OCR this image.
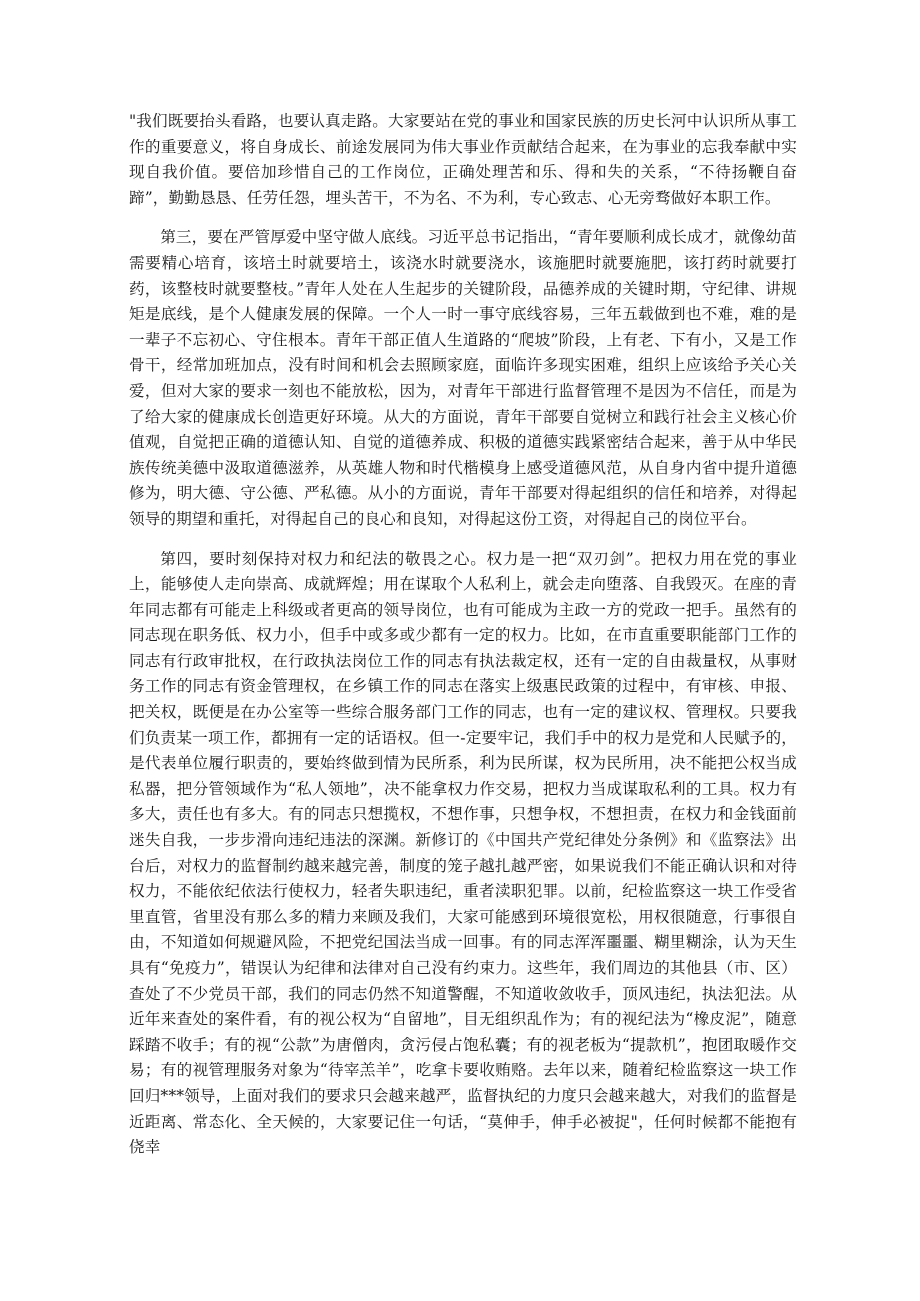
"我们既要抬头看路，也要认真走路。大家要站在党的事业和国家民族的历史长河中认识所从事工作的重要意义，将自身成长、前途发展同为伟大事业作贡献结合起来，在为事业的忘我奉献中实现自我价值。要倍加珍惜自己的工作岗位，正确处理苦和乐、得和失的关系，“不待扬鞭自奋蹄”，勤勤恳恳、任劳任怨，埋头苦干，不为名、不为利，专心致志、心无旁骛做好本职工作。

第三，要在严管厚爱中坚守做人底线。习近平总书记指出，“青年要顺利成长成才，就像幼苗需要精心培育，该培土时就要培土，该浇水时就要浇水，该施肥时就要施肥，该打药时就要打药，该整枝时就要整枝。”青年人处在人生起步的关键阶段，品德养成的关键时期，守纪律、讲规矩是底线，是个人健康发展的保障。一个人一时一事守底线容易，三年五载做到也不难，难的是一辈子不忘初心、守住根本。青年干部正值人生道路的“爬坡”阶段，上有老、下有小，又是工作骨干，经常加班加点，没有时间和机会去照顾家庭，面临许多现实困难，组织上应该给予关心关爱，但对大家的要求一刻也不能放松，因为，对青年干部进行监督管理不是因为不信任，而是为了给大家的健康成长创造更好环境。从大的方面说，青年干部要自觉树立和践行社会主义核心价值观，自觉把正确的道德认知、自觉的道德养成、积极的道德实践紧密结合起来，善于从中华民族传统美德中汲取道德滋养，从英雄人物和时代楷模身上感受道德风范，从自身内省中提升道德修为，明大德、守公德、严私德。从小的方面说，青年干部要对得起组织的信任和培养，对得起领导的期望和重托，对得起自己的良心和良知，对得起这份工资，对得起自己的岗位平台。

第四，要时刻保持对权力和纪法的敬畏之心。权力是一把“双刃剑”。把权力用在党的事业上，能够使人走向崇高、成就辉煌；用在谋取个人私利上，就会走向堕落、自我毁灭。在座的青年同志都有可能走上科级或者更高的领导岗位，也有可能成为主政一方的党政一把手。虽然有的同志现在职务低、权力小，但手中或多或少都有一定的权力。比如，在市直重要职能部门工作的同志有行政审批权，在行政执法岗位工作的同志有执法裁定权，还有一定的自由裁量权，从事财务工作的同志有资金管理权，在乡镇工作的同志在落实上级惠民政策的过程中，有审核、申报、把关权，既便是在办公室等一些综合服务部门工作的同志，也有一定的建议权、管理权。只要我们负责某一项工作，都拥有一定的话语权。但一-定要牢记，我们手中的权力是党和人民赋予的，是代表单位履行职责的，要始终做到情为民所系，利为民所谋，权为民所用，决不能把公权当成私器，把分管领域作为“私人领地”，决不能拿权力作交易，把权力当成谋取私利的工具。权力有多大，责任也有多大。有的同志只想揽权，不想作事，只想争权，不想担责，在权力和金钱面前迷失自我，一步步滑向违纪违法的深渊。新修订的《中国共产党纪律处分条例》和《监察法》出台后，对权力的监督制约越来越完善，制度的笼子越扎越严密，如果说我们不能正确认识和对待权力，不能依纪依法行使权力，轻者失职违纪，重者渎职犯罪。以前，纪检监察这一块工作受省里直管，省里没有那么多的精力来顾及我们，大家可能感到环境很宽松，用权很随意，行事很自由，不知道如何规避风险，不把党纪国法当成一回事。有的同志浑浑噩噩、糊里糊涂，认为天生具有“免疫力”，错误认为纪律和法律对自己没有约束力。这些年，我们周边的其他县（市、区）查处了不少党员干部，我们的同志仍然不知道警醒，不知道收敛收手，顶风违纪，执法犯法。从近年来查处的案件看，有的视公权为“自留地”，目无组织乱作为；有的视纪法为“橡皮泥”，随意踩踏不收手；有的视“公款”为唐僧肉，贪污侵占饱私囊；有的视老板为“提款机”，抱团取暖作交易；有的视管理服务对象为“待宰羔羊”，吃拿卡要收贿赂。去年以来，随着纪检监察这一块工作回归***领导，上面对我们的要求只会越来越严，监督执纪的力度只会越来越大，对我们的监督是近距离、常态化、全天候的，大家要记住一句话，“莫伸手，伸手必被捉"，任何时候都不能抱有侥幸
